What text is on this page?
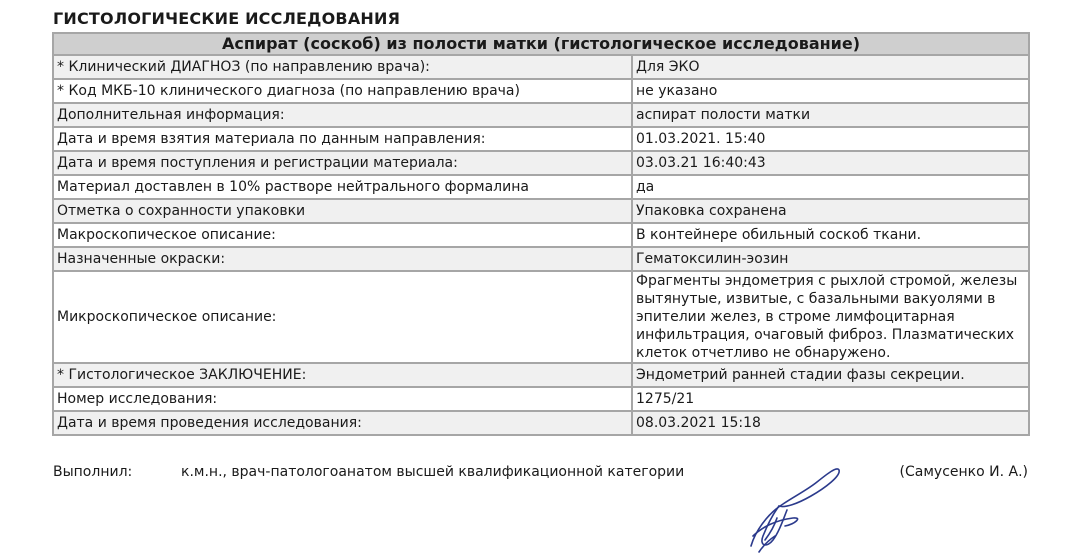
ГИСТОЛОГИЧЕСКИЕ ИССЛЕДОВАНИЯ
Аспират (соскоб) из полости матки (гистологическое исследование)	
* Клинический ДИАГНОЗ (по направлению врача):	Для ЭКО
* Код МКБ-10 клинического диагноза (по направлению врача)	не указано
Дополнительная информация:	аспират полости матки
Дата и время взятия материала по данным направления:	01.03.2021. 15:40
Дата и время поступления и регистрации материала:	03.03.21 16:40:43
Материал доставлен в 10% растворе нейтрального формалина	да
Отметка о сохранности упаковки	Упаковка сохранена
Макроскопическое описание:	В контейнере обильный соскоб ткани.
Назначенные окраски:	Гематоксилин-эозин
Микроскопическое описание:	Фрагменты эндометрия с рыхлой стромой, железы вытянутые, извитые, с базальными вакуолями в эпителии желез, в строме лимфоцитарная инфильтрация, очаговый фиброз. Плазматических клеток отчетливо не обнаружено.
* Гистологическое ЗАКЛЮЧЕНИЕ:	Эндометрий ранней стадии фазы секреции.
Номер исследования:	1275/21
Дата и время проведения исследования:	08.03.2021 15:18
Выполнил:	к.м.н., врач-патологоанатом высшей квалификационной категории	(Самусенко И. А.)
